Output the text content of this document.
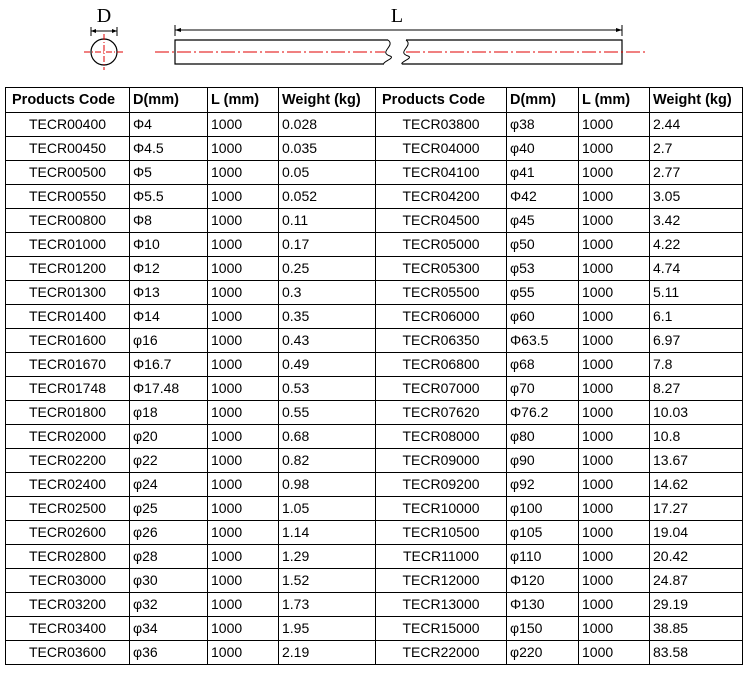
D	L
Products Code	D(mm)	L (mm)	Weight (kg)	Products Code	D(mm)	L (mm)	Weight (kg)
TECR00400	Φ4	1000	0.028	TECR03800	φ38	1000	2.44
TECR00450	Φ4.5	1000	0.035	TECR04000	φ40	1000	2.7
TECR00500	Φ5	1000	0.05	TECR04100	φ41	1000	2.77
TECR00550	Φ5.5	1000	0.052	TECR04200	Φ42	1000	3.05
TECR00800	Φ8	1000	0.11	TECR04500	φ45	1000	3.42
TECR01000	Φ10	1000	0.17	TECR05000	φ50	1000	4.22
TECR01200	Φ12	1000	0.25	TECR05300	φ53	1000	4.74
TECR01300	Φ13	1000	0.3	TECR05500	φ55	1000	5.11
TECR01400	Φ14	1000	0.35	TECR06000	φ60	1000	6.1
TECR01600	φ16	1000	0.43	TECR06350	Φ63.5	1000	6.97
TECR01670	Φ16.7	1000	0.49	TECR06800	φ68	1000	7.8
TECR01748	Φ17.48	1000	0.53	TECR07000	φ70	1000	8.27
TECR01800	φ18	1000	0.55	TECR07620	Φ76.2	1000	10.03
TECR02000	φ20	1000	0.68	TECR08000	φ80	1000	10.8
TECR02200	φ22	1000	0.82	TECR09000	φ90	1000	13.67
TECR02400	φ24	1000	0.98	TECR09200	φ92	1000	14.62
TECR02500	φ25	1000	1.05	TECR10000	φ100	1000	17.27
TECR02600	φ26	1000	1.14	TECR10500	φ105	1000	19.04
TECR02800	φ28	1000	1.29	TECR11000	φ110	1000	20.42
TECR03000	φ30	1000	1.52	TECR12000	Φ120	1000	24.87
TECR03200	φ32	1000	1.73	TECR13000	Φ130	1000	29.19
TECR03400	φ34	1000	1.95	TECR15000	φ150	1000	38.85
TECR03600	φ36	1000	2.19	TECR22000	φ220	1000	83.58
